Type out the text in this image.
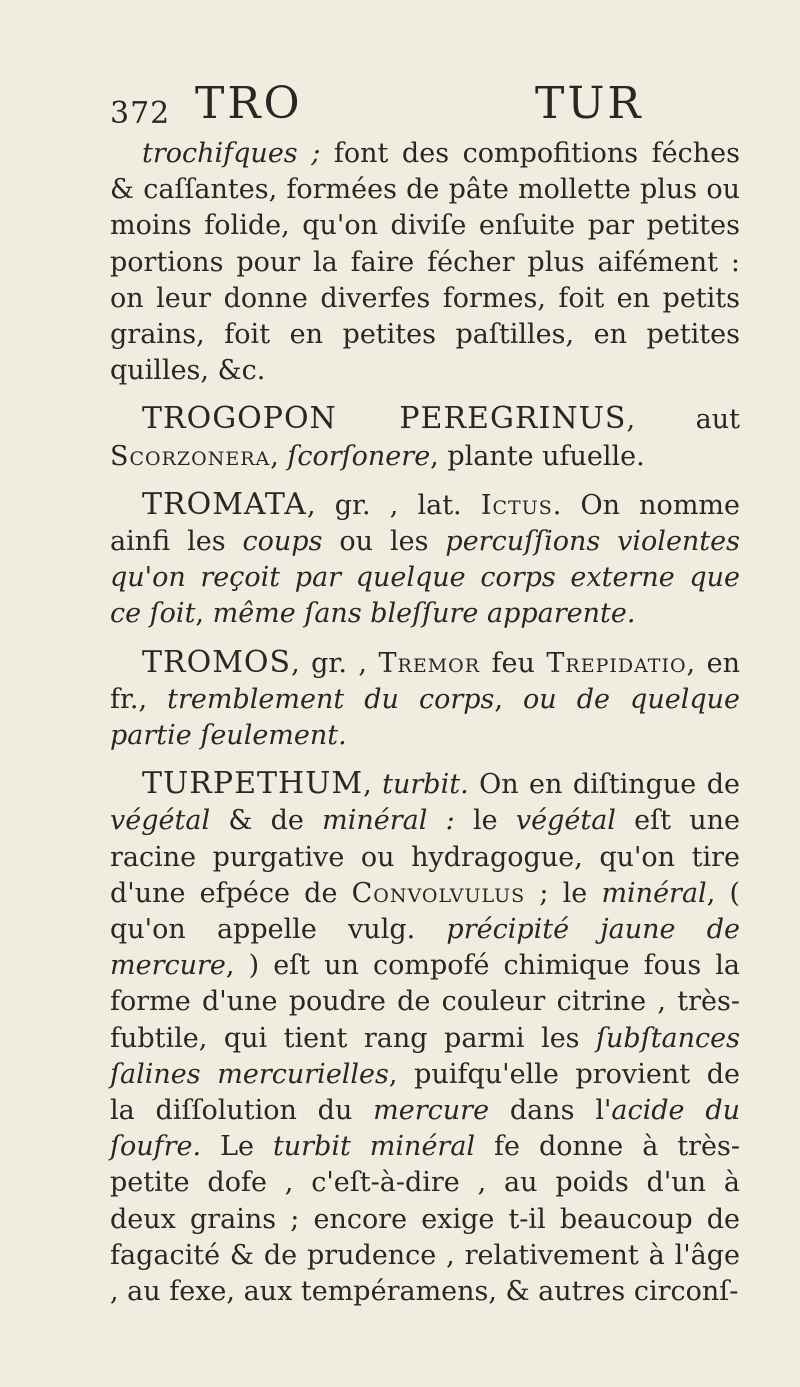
372 TRO	TUR

trochifques ; font des compofitions féches & caſſantes, formées de pâte mollette plus ou moins folide, qu'on diviſe enſuite par petites portions pour la faire fécher plus aifément : on leur donne diverfes formes, foit en petits grains, foit en petites paſtilles, en petites quilles, &c.

TROGOPON PEREGRINUS, aut Scorzonera, ſcorſonere, plante ufuelle.

TROMATA, gr. , lat. Ictus. On nomme ainfi les coups ou les percuſſions violentes qu'on reçoit par quelque corps externe que ce ſoit, même ſans bleſſure apparente.

TROMOS, gr. , Tremor feu Trepidatio, en fr., tremblement du corps, ou de quelque partie ſeulement.

TURPETHUM, turbit. On en diſtingue de végétal & de minéral : le végétal eſt une racine purgative ou hydragogue, qu'on tire d'une efpéce de Convolvulus ; le minéral, ( qu'on appelle vulg. précipité jaune de mercure, ) eſt un compofé chimique fous la forme d'une poudre de couleur citrine , très-fubtile, qui tient rang parmi les ſubſtances ſalines mercurielles, puifqu'elle provient de la diſſolution du mercure dans l'acide du ſoufre. Le turbit minéral fe donne à très-petite dofe , c'eſt-à-dire , au poids d'un à deux grains ; encore exige t-il beaucoup de fagacité & de prudence , relativement à l'âge , au fexe, aux tempéramens, & autres circonſ-
